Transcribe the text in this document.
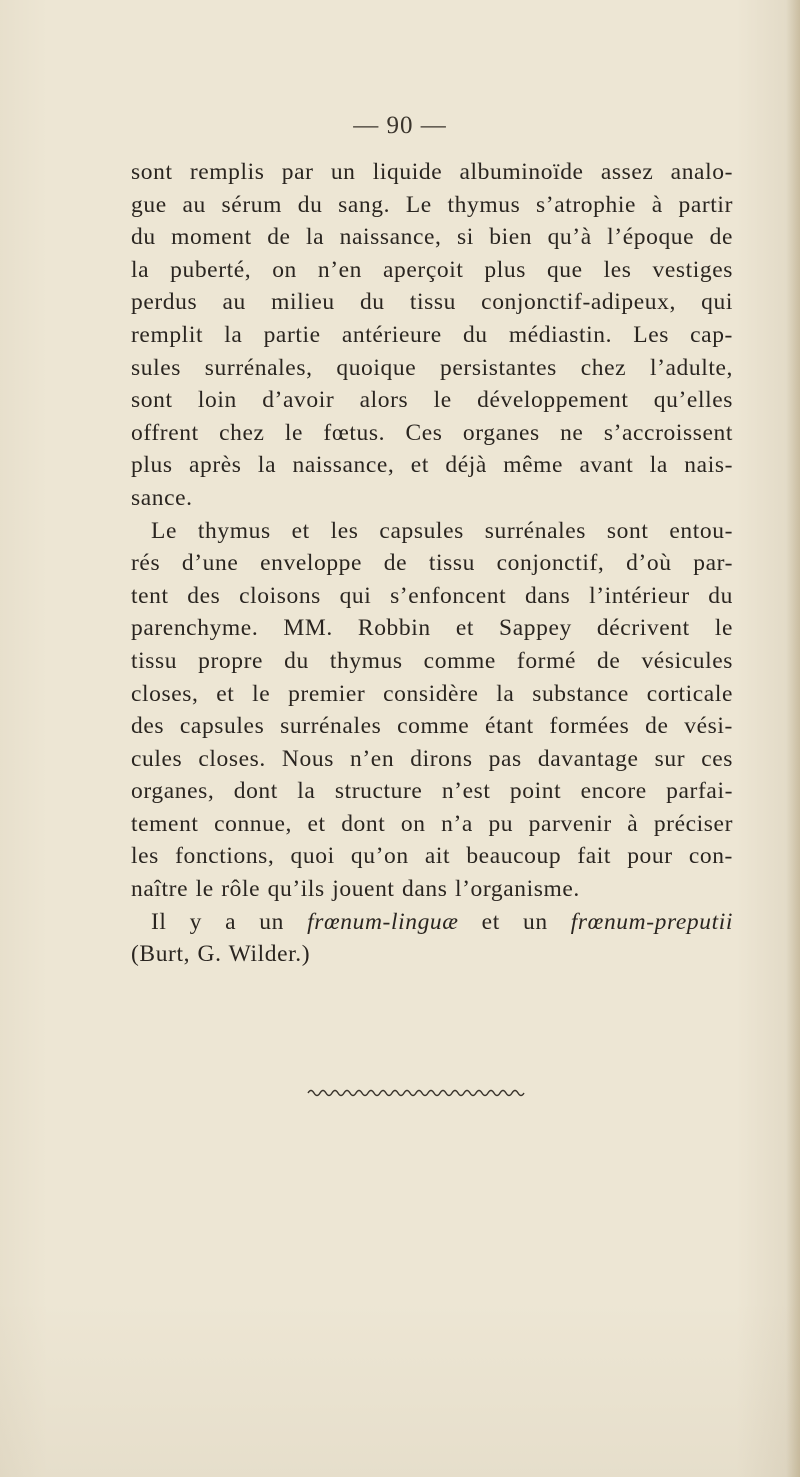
— 90 —
sont remplis par un liquide albuminoïde assez analo-
gue au sérum du sang. Le thymus s’atrophie à partir
du moment de la naissance, si bien qu’à l’époque de
la puberté, on n’en aperçoit plus que les vestiges
perdus au milieu du tissu conjonctif-adipeux, qui
remplit la partie antérieure du médiastin. Les cap-
sules surrénales, quoique persistantes chez l’adulte,
sont loin d’avoir alors le développement qu’elles
offrent chez le fœtus. Ces organes ne s’accroissent
plus après la naissance, et déjà même avant la nais-
sance.
Le thymus et les capsules surrénales sont entou-
rés d’une enveloppe de tissu conjonctif, d’où par-
tent des cloisons qui s’enfoncent dans l’intérieur du
parenchyme. MM. Robbin et Sappey décrivent le
tissu propre du thymus comme formé de vésicules
closes, et le premier considère la substance corticale
des capsules surrénales comme étant formées de vési-
cules closes. Nous n’en dirons pas davantage sur ces
organes, dont la structure n’est point encore parfai-
tement connue, et dont on n’a pu parvenir à préciser
les fonctions, quoi qu’on ait beaucoup fait pour con-
naître le rôle qu’ils jouent dans l’organisme.
Il y a un frœnum-linguæ et un frœnum-preputii
(Burt, G. Wilder.)
